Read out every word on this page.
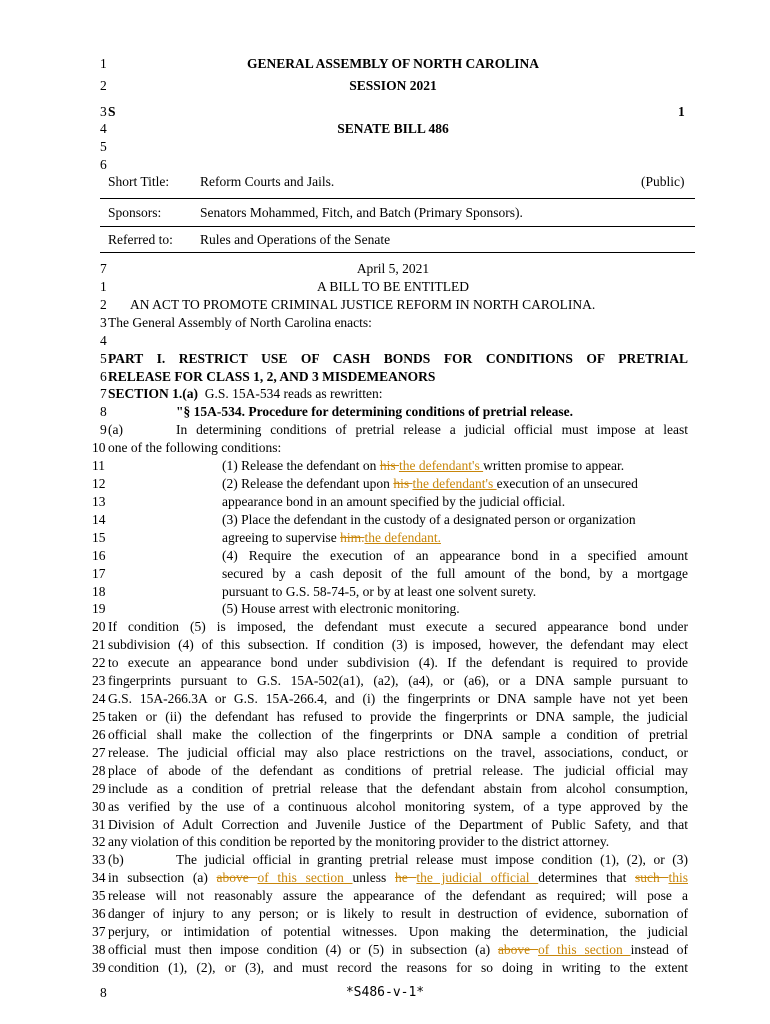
1	GENERAL ASSEMBLY OF NORTH CAROLINA
2	SESSION 2021
3 S	1
4	SENATE BILL 486
5
6
Short Title: Reform Courts and Jails.	(Public)
Sponsors:	Senators Mohammed, Fitch, and Batch (Primary Sponsors).
Referred to: Rules and Operations of the Senate
7	April 5, 2021
1	A BILL TO BE ENTITLED
2 AN ACT TO PROMOTE CRIMINAL JUSTICE REFORM IN NORTH CAROLINA.
3 The General Assembly of North Carolina enacts:
4
5 PART I. RESTRICT USE OF CASH BONDS FOR CONDITIONS OF PRETRIAL
6 RELEASE FOR CLASS 1, 2, AND 3 MISDEMEANORS
7 SECTION 1.(a) G.S. 15A-534 reads as rewritten:
8	"§ 15A-534. Procedure for determining conditions of pretrial release.
9 (a)	In determining conditions of pretrial release a judicial official must impose at least
10 one of the following conditions:
11	(1) Release the defendant on his the defendant's written promise to appear.
12	(2) Release the defendant upon his the defendant's execution of an unsecured
13	appearance bond in an amount specified by the judicial official.
14	(3) Place the defendant in the custody of a designated person or organization
15	agreeing to supervise him.the defendant.
16	(4) Require the execution of an appearance bond in a specified amount
17	secured by a cash deposit of the full amount of the bond, by a mortgage
18	pursuant to G.S. 58-74-5, or by at least one solvent surety.
19	(5) House arrest with electronic monitoring.
20 If condition (5) is imposed, the defendant must execute a secured appearance bond under
21 subdivision (4) of this subsection. If condition (3) is imposed, however, the defendant may elect
22 to execute an appearance bond under subdivision (4). If the defendant is required to provide
23 fingerprints pursuant to G.S. 15A-502(a1), (a2), (a4), or (a6), or a DNA sample pursuant to
24 G.S. 15A-266.3A or G.S. 15A-266.4, and (i) the fingerprints or DNA sample have not yet been
25 taken or (ii) the defendant has refused to provide the fingerprints or DNA sample, the judicial
26 official shall make the collection of the fingerprints or DNA sample a condition of pretrial
27 release. The judicial official may also place restrictions on the travel, associations, conduct, or
28 place of abode of the defendant as conditions of pretrial release. The judicial official may
29 include as a condition of pretrial release that the defendant abstain from alcohol consumption,
30 as verified by the use of a continuous alcohol monitoring system, of a type approved by the
31 Division of Adult Correction and Juvenile Justice of the Department of Public Safety, and that
32 any violation of this condition be reported by the monitoring provider to the district attorney.
33 (b)	The judicial official in granting pretrial release must impose condition (1), (2), or (3)
34 in subsection (a) above of this section unless he the judicial official determines that such this
35 release will not reasonably assure the appearance of the defendant as required; will pose a
36 danger of injury to any person; or is likely to result in destruction of evidence, subornation of
37 perjury, or intimidation of potential witnesses. Upon making the determination, the judicial
38 official must then impose condition (4) or (5) in subsection (a) above of this section instead of
39 condition (1), (2), or (3), and must record the reasons for so doing in writing to the extent
8	*S486-v-1*
